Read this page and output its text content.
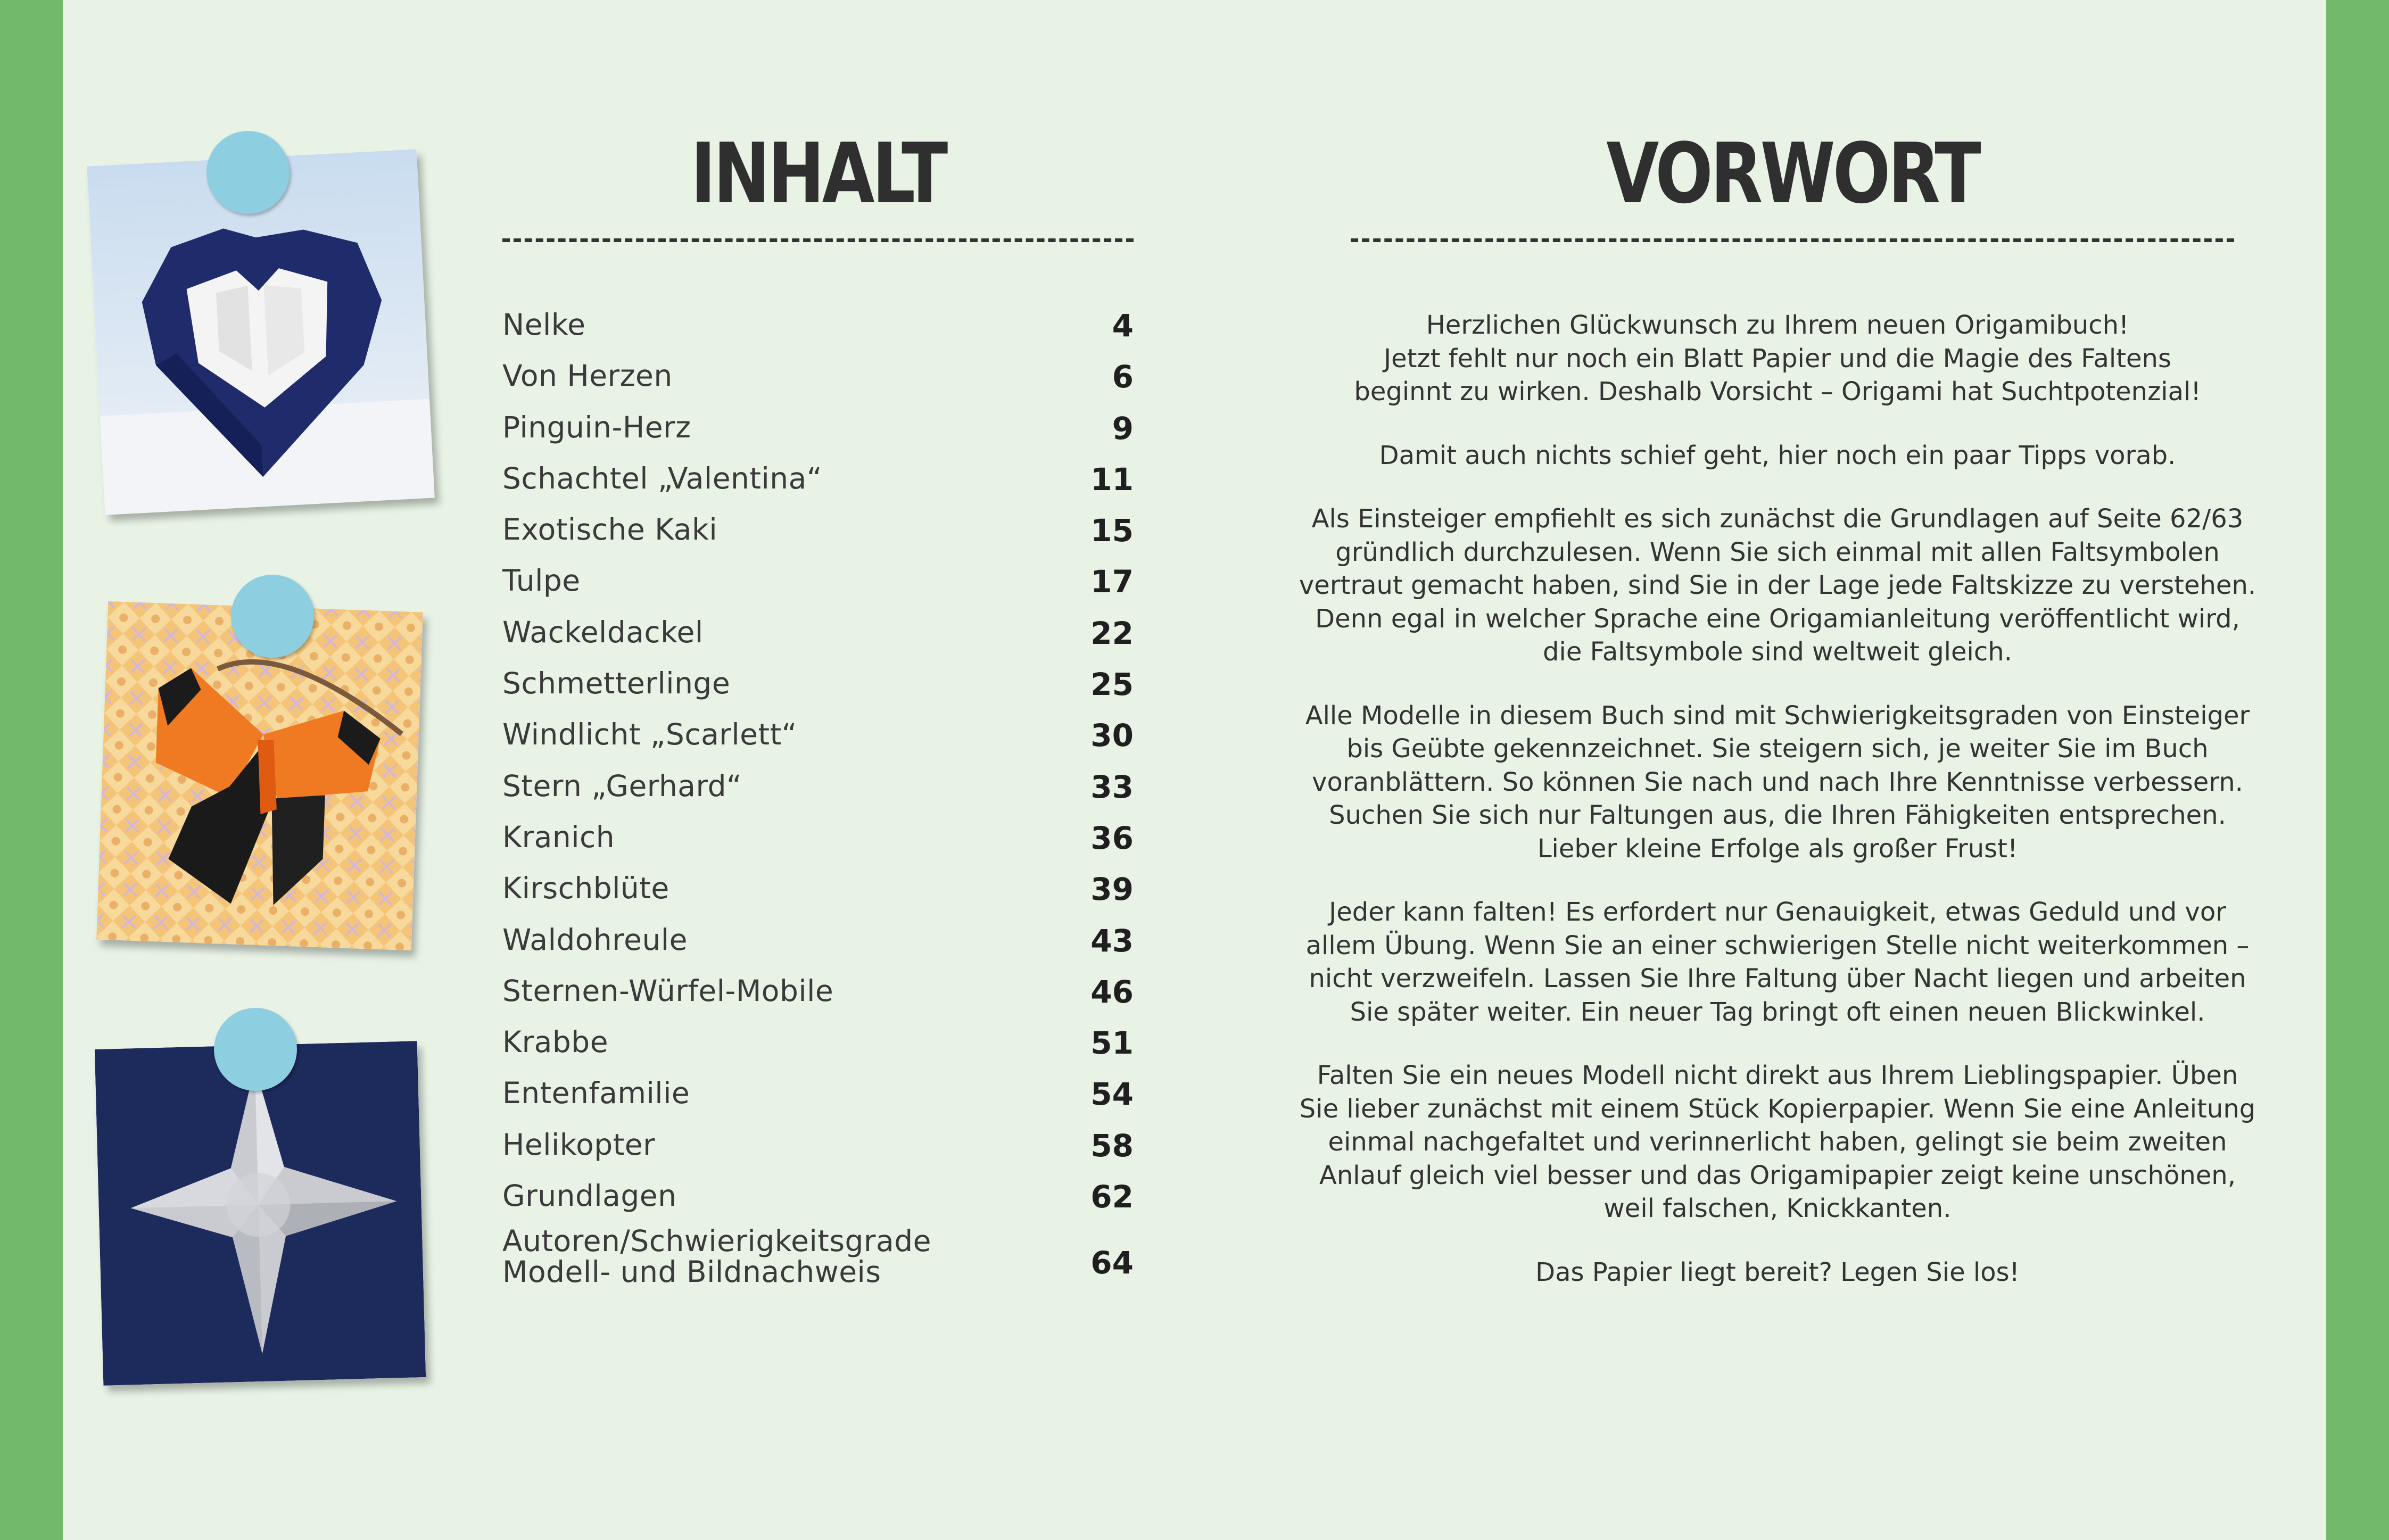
INHALT
Nelke	4
Von Herzen	6
Pinguin-Herz	9
Schachtel „Valentina“	11
Exotische Kaki	15
Tulpe	17
Wackeldackel	22
Schmetterlinge	25
Windlicht „Scarlett“	30
Stern „Gerhard“	33
Kranich	36
Kirschblüte	39
Waldohreule	43
Sternen-Würfel-Mobile	46
Krabbe	51
Entenfamilie	54
Helikopter	58
Grundlagen	62
Autoren/Schwierigkeitsgrade
Modell- und Bildnachweis	64
VORWORT

Herzlichen Glückwunsch zu Ihrem neuen Origamibuch!
Jetzt fehlt nur noch ein Blatt Papier und die Magie des Faltens
beginnt zu wirken. Deshalb Vorsicht – Origami hat Suchtpotenzial!

Damit auch nichts schief geht, hier noch ein paar Tipps vorab.

Als Einsteiger empfiehlt es sich zunächst die Grundlagen auf Seite 62/63
gründlich durchzulesen. Wenn Sie sich einmal mit allen Faltsymbolen
vertraut gemacht haben, sind Sie in der Lage jede Faltskizze zu verstehen.
Denn egal in welcher Sprache eine Origamianleitung veröffentlicht wird,
die Faltsymbole sind weltweit gleich.

Alle Modelle in diesem Buch sind mit Schwierigkeitsgraden von Einsteiger
bis Geübte gekennzeichnet. Sie steigern sich, je weiter Sie im Buch
voranblättern. So können Sie nach und nach Ihre Kenntnisse verbessern.
Suchen Sie sich nur Faltungen aus, die Ihren Fähigkeiten entsprechen.
Lieber kleine Erfolge als großer Frust!

Jeder kann falten! Es erfordert nur Genauigkeit, etwas Geduld und vor
allem Übung. Wenn Sie an einer schwierigen Stelle nicht weiterkommen –
nicht verzweifeln. Lassen Sie Ihre Faltung über Nacht liegen und arbeiten
Sie später weiter. Ein neuer Tag bringt oft einen neuen Blickwinkel.

Falten Sie ein neues Modell nicht direkt aus Ihrem Lieblingspapier. Üben
Sie lieber zunächst mit einem Stück Kopierpapier. Wenn Sie eine Anleitung
einmal nachgefaltet und verinnerlicht haben, gelingt sie beim zweiten
Anlauf gleich viel besser und das Origamipapier zeigt keine unschönen,
weil falschen, Knickkanten.

Das Papier liegt bereit? Legen Sie los!
